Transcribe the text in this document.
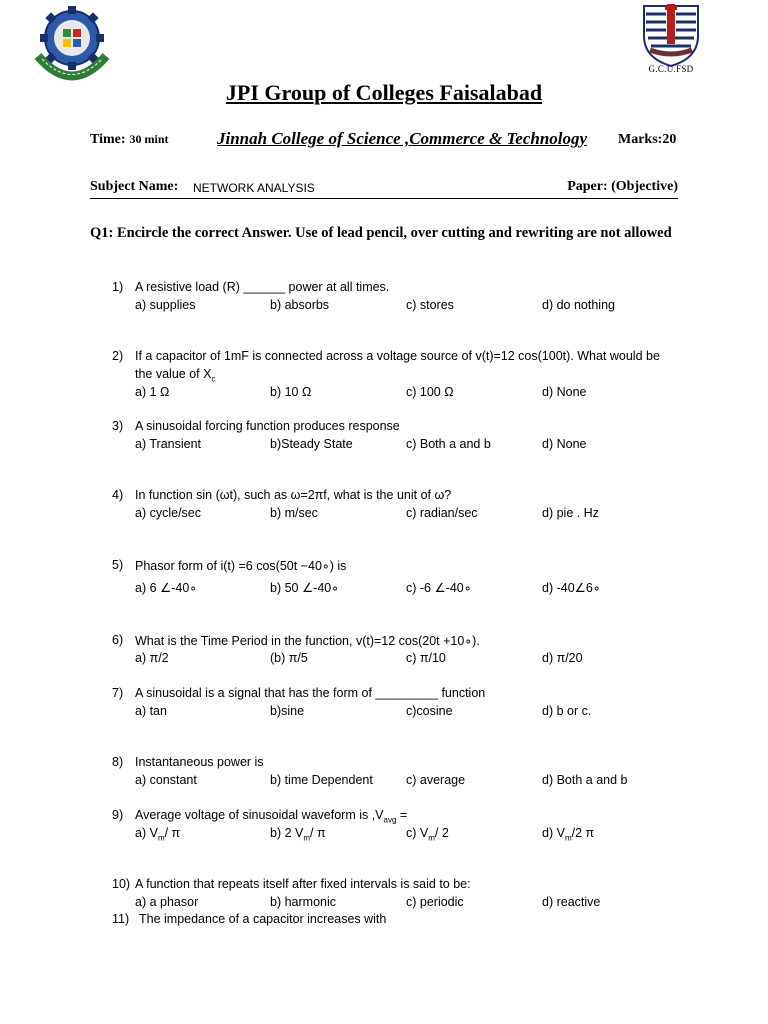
G.C.U.FSD
JPI Group of Colleges Faisalabad
Time: 30 mint	Jinnah College of Science ,Commerce & Technology Marks:20
Subject Name: NETWORK ANALYSIS	Paper: (Objective)
Q1: Encircle the correct Answer. Use of lead pencil, over cutting and rewriting are not allowed
1) A resistive load (R) ______ power at all times.
a) supplies	b) absorbs	c) stores	d) do nothing
2) If a capacitor of 1mF is connected across a voltage source of v(t)=12 cos(100t). What would be
the value of $X_c$
a) 1 Ω	b) 10 Ω	c) 100 Ω	d) None
3) A sinusoidal forcing function produces response
a) Transient	b)Steady State	c) Both a and b	d) None
4) In function sin (ωt), such as ω=2πf, what is the unit of ω?
a) cycle/sec	b) m/sec	c) radian/sec	d) pie . Hz
5) Phasor form of i(t) =6 cos(50t −40∘) is
a) 6 ∠-40∘	b) 50 ∠-40∘	c) -6 ∠-40∘	d) -40∠6∘
6) What is the Time Period in the function, v(t)=12 cos(20t +10∘).
a) π/2	(b) π/5	c) π/10	d) π/20
7) A sinusoidal is a signal that has the form of _________ function
a) tan	b)sine	c)cosine	d) b or c.
8) Instantaneous power is
a) constant	b) time Dependent	c) average	d) Both a and b
9) Average voltage of sinusoidal waveform is $,V_{avg}$ =
a) $V_m/$ π	b) 2 $V_m/$ π	c) $V_m/$ 2	d) $V_m/2$ π
10) A function that repeats itself after fixed intervals is said to be:
a) a phasor	b) harmonic	c) periodic	d) reactive
11) The impedance of a capacitor increases with
